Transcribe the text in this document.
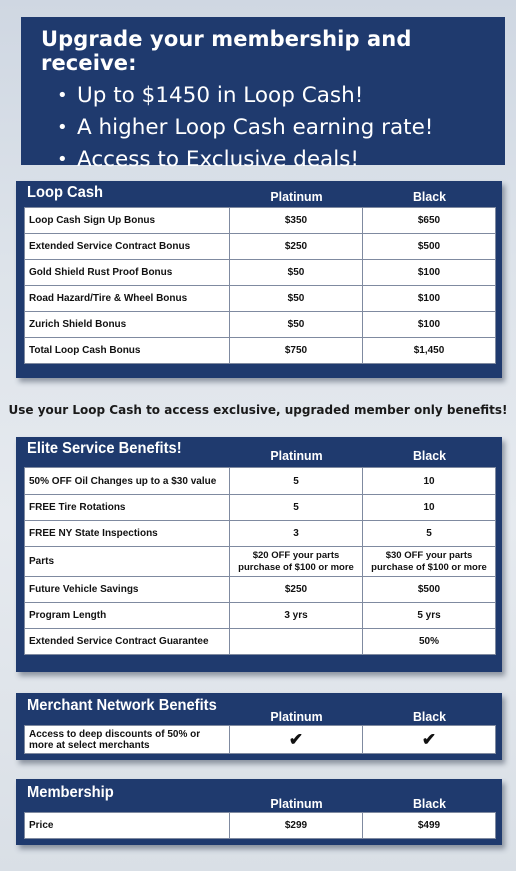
Upgrade your membership and receive:
• Up to $1450 in Loop Cash!
• A higher Loop Cash earning rate!
• Access to Exclusive deals!
Loop Cash	Platinum	Black
Loop Cash Sign Up Bonus	$350	$650
Extended Service Contract Bonus	$250	$500
Gold Shield Rust Proof Bonus	$50	$100
Road Hazard/Tire & Wheel Bonus	$50	$100
Zurich Shield Bonus	$50	$100
Total Loop Cash Bonus	$750	$1,450
Use your Loop Cash to access exclusive, upgraded member only benefits!
Elite Service Benefits!	Platinum	Black
50% OFF Oil Changes up to a $30 value	5	10
FREE Tire Rotations	5	10
FREE NY State Inspections	3	5
Parts	$20 OFF your parts purchase of $100 or more	$30 OFF your parts purchase of $100 or more
Future Vehicle Savings	$250	$500
Program Length	3 yrs	5 yrs
Extended Service Contract Guarantee		50%
Merchant Network Benefits
Platinum	Black
Access to deep discounts of 50% or more at select merchants	✔	✔
Membership
Platinum	Black
Price	$299	$499
